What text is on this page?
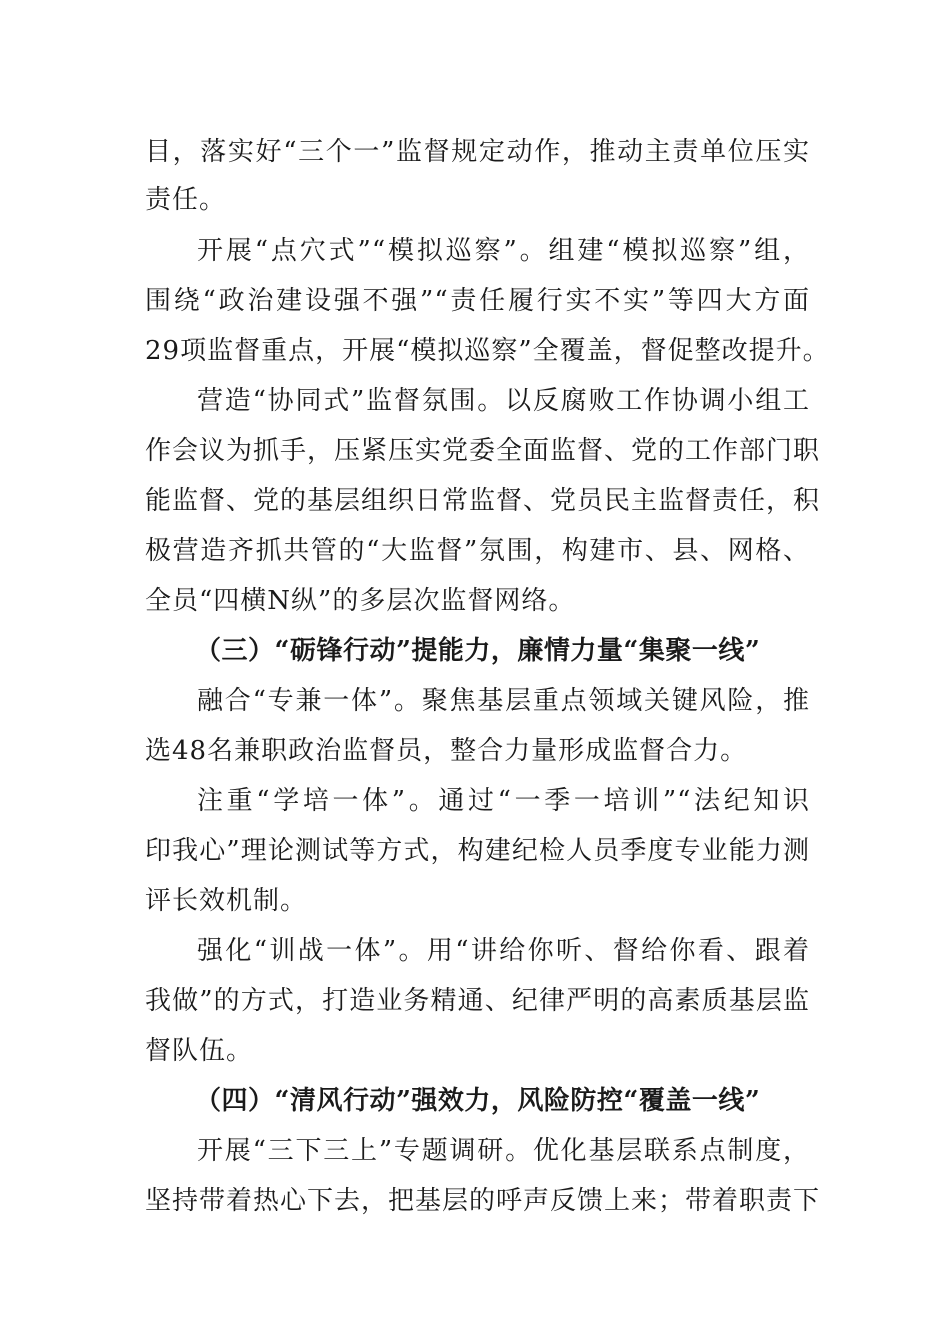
目，落实好“三个一”监督规定动作，推动主责单位压实
责任。
开展“点穴式”“模拟巡察”。组建“模拟巡察”组，
围绕“政治建设强不强”“责任履行实不实”等四大方面
29项监督重点，开展“模拟巡察”全覆盖，督促整改提升。
营造“协同式”监督氛围。以反腐败工作协调小组工
作会议为抓手，压紧压实党委全面监督、党的工作部门职
能监督、党的基层组织日常监督、党员民主监督责任，积
极营造齐抓共管的“大监督”氛围，构建市、县、网格、
全员“四横N纵”的多层次监督网络。
（三）“砺锋行动”提能力，廉情力量“集聚一线”
融合“专兼一体”。聚焦基层重点领域关键风险，推
选48名兼职政治监督员，整合力量形成监督合力。
注重“学培一体”。通过“一季一培训”“法纪知识
印我心”理论测试等方式，构建纪检人员季度专业能力测
评长效机制。
强化“训战一体”。用“讲给你听、督给你看、跟着
我做”的方式，打造业务精通、纪律严明的高素质基层监
督队伍。
（四）“清风行动”强效力，风险防控“覆盖一线”
开展“三下三上”专题调研。优化基层联系点制度，
坚持带着热心下去，把基层的呼声反馈上来；带着职责下
